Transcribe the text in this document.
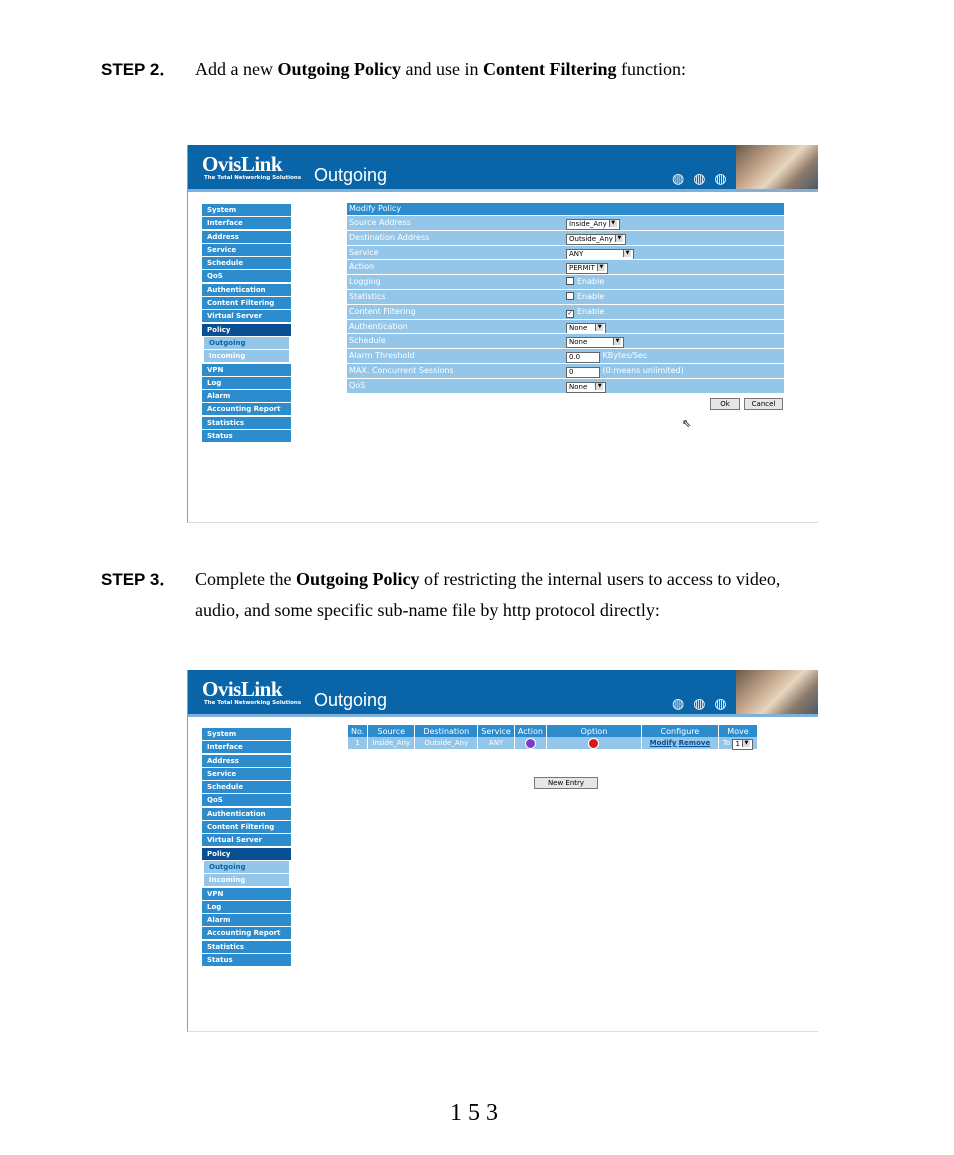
STEP 2． Add a new Outgoing Policy and use in Content Filtering function:
OvisLink
The Total Networking Solutions Outgoing	◍◍◍
System
Interface
Address
Service
Schedule
QoS
Authentication
Content Filtering
Virtual Server
Policy
Outgoing
Incoming
VPN
Log
Alarm
Accounting Report
Statistics
Status
Modify Policy
Source Address	Inside_Any ▼
Destination Address	Outside_Any ▼
Service	ANY	▼
Action	PERMIT ▼
Logging	Enable
Statistics	Enable
Content Filtering	✓ Enable
Authentication	None ▼
Schedule	None	▼
Alarm Threshold	0.0	KBytes/Sec
MAX. Concurrent Sessions	0	(0:means unlimited)
QoS	None ▼
Ok	Cancel
⇖
STEP 3． Complete the Outgoing Policy of restricting the internal users to access to video,
audio, and some specific sub-name file by http protocol directly:
OvisLink
The Total Networking Solutions Outgoing	◍◍◍
System
Interface
Address
Service
Schedule
QoS
Authentication
Content Filtering
Virtual Server
Policy
Outgoing
Incoming
VPN
Log
Alarm
Accounting Report
Statistics
Status
No.	Source	Destination	Service	Action	Option	Configure	Move
1	Inside_Any	Outside_Any	ANY			Modify Remove	To 1 ▼
New Entry
153
